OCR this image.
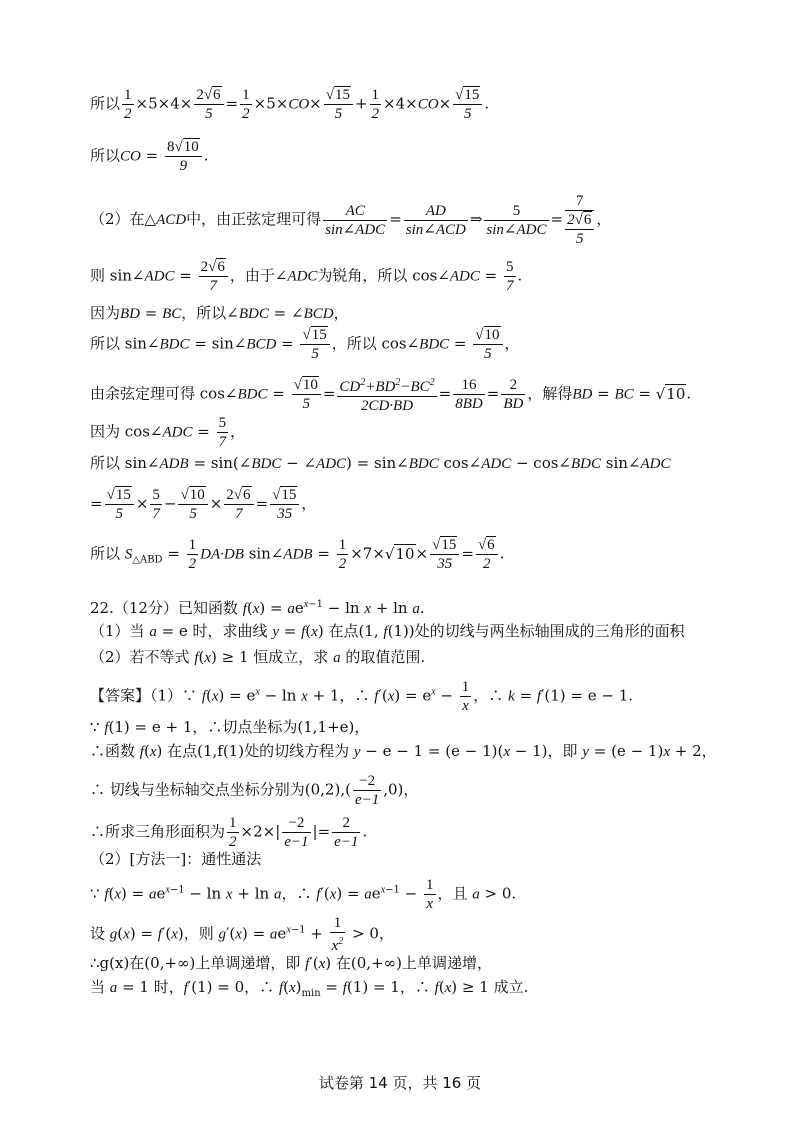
所以 $\frac{1}{2} \times 5\times 4\times \frac{2√6}{5} = \frac{1}{2} \times 5\times CO\times \frac{√15}{5} + \frac{1}{2} \times 4\times CO\times \frac{√15}{5}$ .
所以CO = $\frac{8√10}{9}$ .
（2）在△ACD中，由正弦定理可得 $\frac{AC}{\text{sin∠ADC}} = \frac{AD}{\text{sin∠ACD}}$ ⇒ $\frac{5}{\text{sin∠ADC}}$ =
7
2√6
5
，
则 sin∠ADC = $\frac{2√6}{7}$ ，由于∠ADC为锐角，所以 cos∠ADC = $\frac{5}{7}$ .
因为BD = BC，所以∠BDC = ∠BCD，
所以 sin∠BDC = sin∠BCD = $\frac{√15}{5}$ ，所以 cos∠BDC = $\frac{√10}{5}$ ，
由余弦定理可得 cos∠BDC = $\frac{√10}{5} = \frac{CD^2+BD^2-BC^2}{2CD\cdot BD} = \frac{16}{8BD} = \frac{2}{BD}$ ，解得BD = BC = √10.
因为 cos∠ADC = $\frac{5}{7}$ ，
所以 sin∠ADB = sin(∠BDC − ∠ADC) = sin∠BDC cos∠ADC − cos∠BDC sin∠ADC
= $\frac{√15}{5} \times \frac{5}{7} - \frac{√10}{5} \times \frac{2√6}{7} = \frac{√15}{35}$ ，
所以 $S_{\triangle ABD} = \frac{1}{2} DA\cdot DB$ sin∠ADB = $\frac{1}{2} \times 7\times√10\times \frac{√15}{35} = \frac{√6}{2}$ .
22.（12分）已知函数 $f(x) = ae^{x-1} - \ln x + \ln a$.
（1）当 a = e 时，求曲线 y = f(x) 在点(1, f(1))处的切线与两坐标轴围成的三角形的面积
（2）若不等式 f(x) ≥ 1 恒成立，求 a 的取值范围.
【答案】（1）∵ $f(x) = e^x - \ln x + 1$，∴ $f'(x) = e^x - \frac{1}{x}$ ，∴ k = f′(1) = e − 1.
∵ f(1) = e + 1，∴切点坐标为(1,1+e)，
∴函数 f(x) 在点(1,f(1)处的切线方程为 y − e − 1 = (e − 1)(x − 1)，即 y = (e − 1)x + 2，
∴ 切线与坐标轴交点坐标分别为$(0,2),( \frac{-2}{e-1} ,0)$，
∴所求三角形面积为 $\frac{1}{2} \times 2\times| \frac{-2}{e-1}$ |= $\frac{2}{e-1}$ .
（2）[方法一]：通性通法
∵ $f(x) = ae^{x-1} - \ln x + \ln a$，∴ $f'(x) = ae^{x-1} - \frac{1}{x}$ ，且 a > 0.
设 g(x) = f′(x)，则 $g'(x) = ae^{x-1} + \frac{1}{x^2} > 0$，
∴g(x)在(0,+∞)上单调递增，即 f′(x) 在(0,+∞)上单调递增，
当 a = 1 时，f′(1) = 0，∴ $f(x)_{min} = f(1) = 1$，∴ f(x) ≥ 1 成立.
试卷第 14 页，共 16 页
